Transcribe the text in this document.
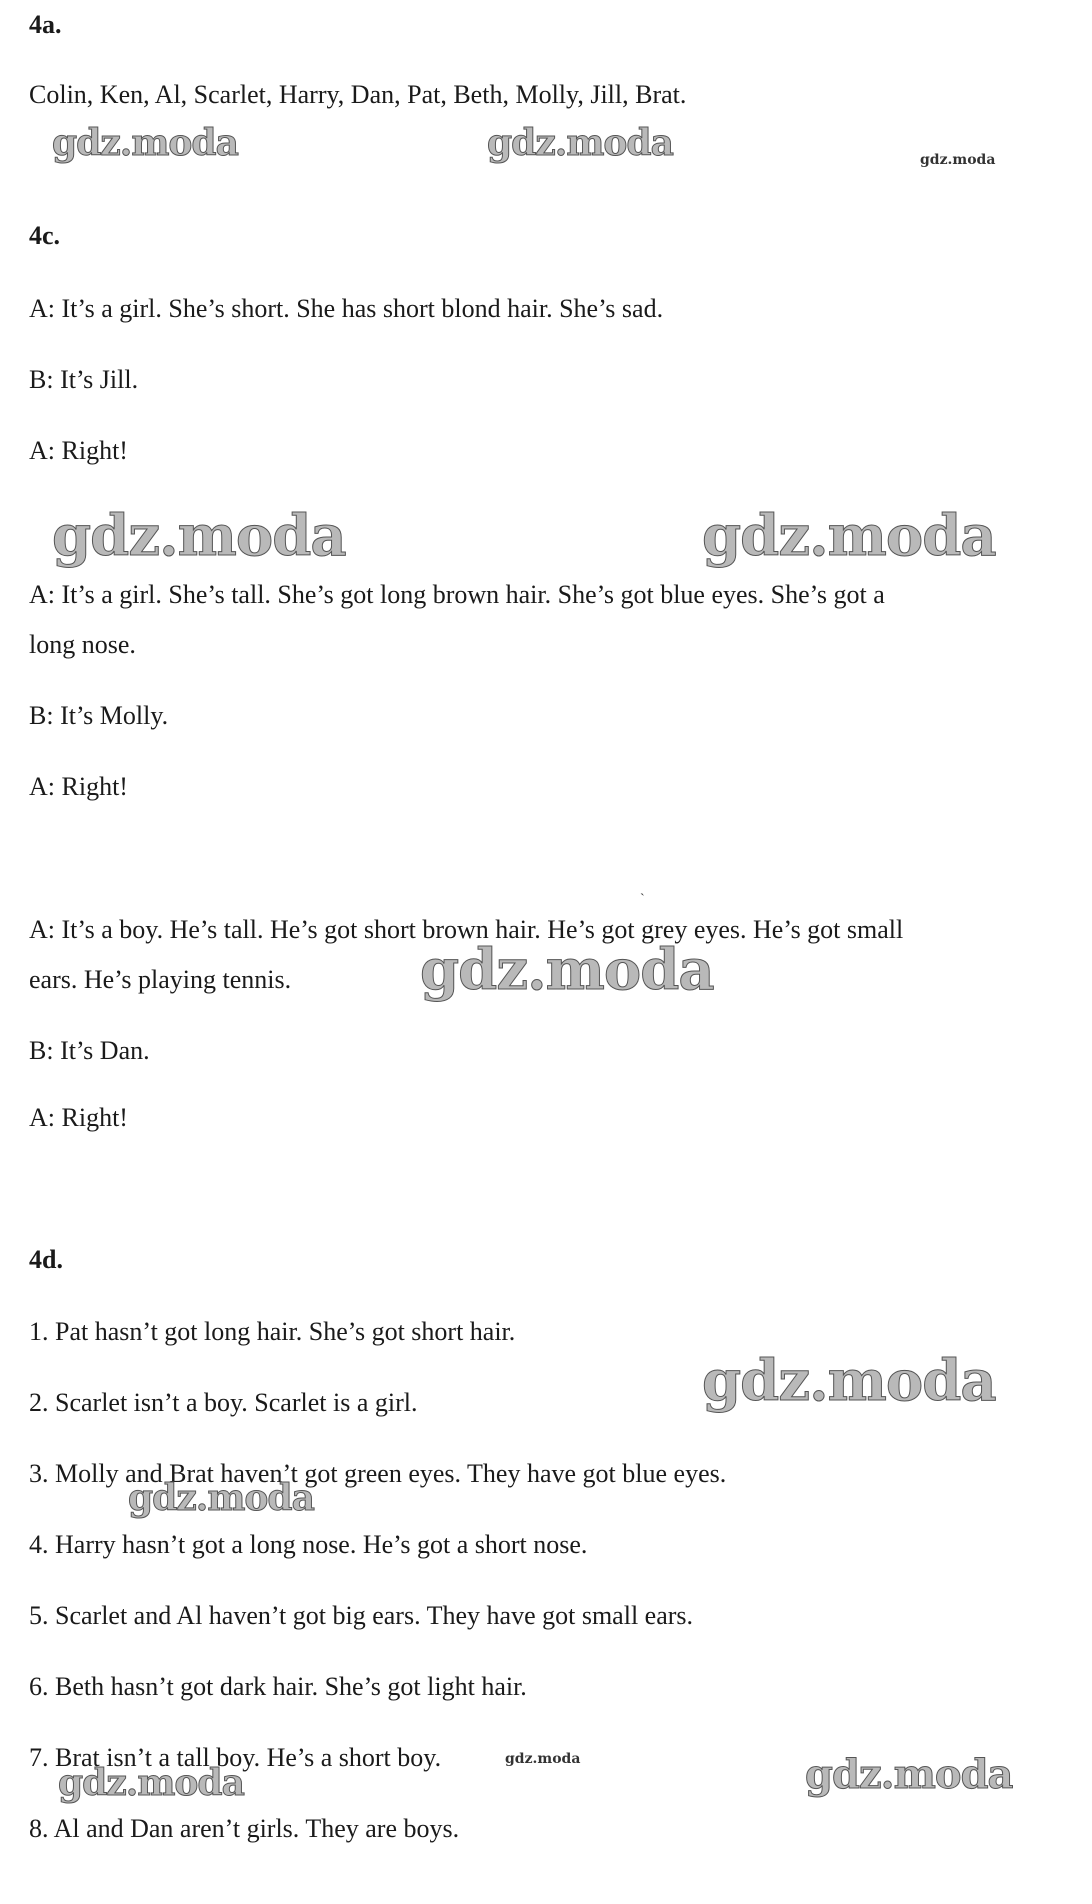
4a.
Colin, Ken, Al, Scarlet, Harry, Dan, Pat, Beth, Molly, Jill, Brat.
4c.
A: It’s a girl. She’s short. She has short blond hair. She’s sad.
B: It’s Jill.
A: Right!
A: It’s a girl. She’s tall. She’s got long brown hair. She’s got blue eyes. She’s got a
long nose.
B: It’s Molly.
A: Right!
`
A: It’s a boy. He’s tall. He’s got short brown hair. He’s got grey eyes. He’s got small
ears. He’s playing tennis.
B: It’s Dan.
A: Right!
4d.
1. Pat hasn’t got long hair. She’s got short hair.
2. Scarlet isn’t a boy. Scarlet is a girl.
3. Molly and Brat haven’t got green eyes. They have got blue eyes.
4. Harry hasn’t got a long nose. He’s got a short nose.
5. Scarlet and Al haven’t got big ears. They have got small ears.
6. Beth hasn’t got dark hair. She’s got light hair.
7. Brat isn’t a tall boy. He’s a short boy.
8. Al and Dan aren’t girls. They are boys.
gdz.moda	gdz.moda	gdz.moda
gdz.moda	gdz.moda
gdz.moda
gdz.moda
gdz.moda
gdz.moda	gdz.moda
gdz.moda
